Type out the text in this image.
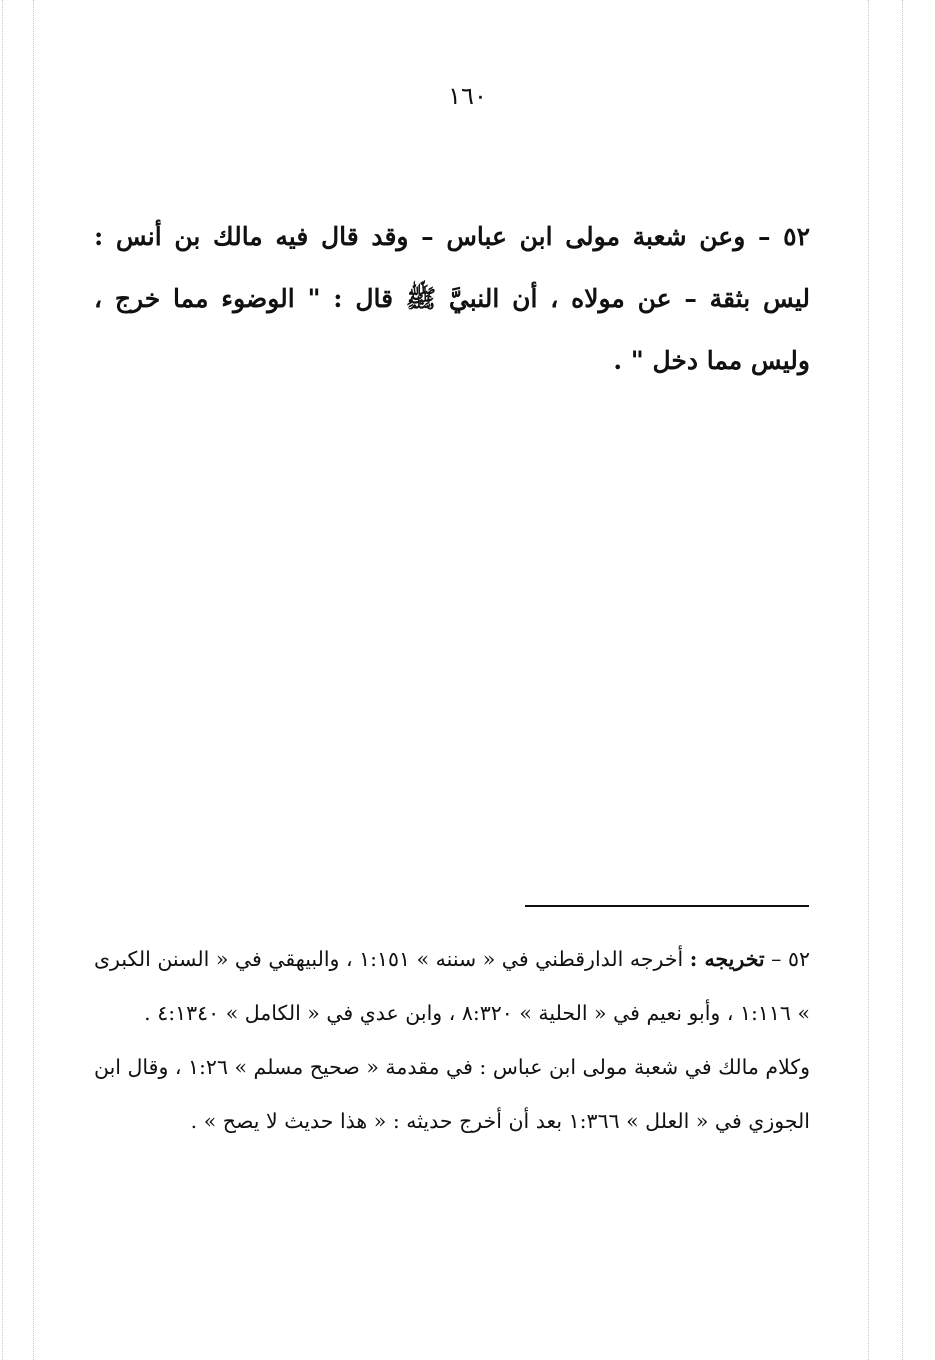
١٦٠
٥٢ – وعن شعبة مولى ابن عباس – وقد قال فيه مالك بن أنس : ليس بثقة – عن مولاه ، أن النبيَّ ﷺ قال : " الوضوء مما خرج ، وليس مما دخل " .

٥٢ – تخريجه : أخرجه الدارقطني في « سننه » ١:١٥١ ، والبيهقي في « السنن الكبرى » ١:١١٦ ، وأبو نعيم في « الحلية » ٨:٣٢٠ ، وابن عدي في « الكامل » ٤:١٣٤٠ .

وكلام مالك في شعبة مولى ابن عباس : في مقدمة « صحيح مسلم » ١:٢٦ ، وقال ابن الجوزي في « العلل » ١:٣٦٦ بعد أن أخرج حديثه : « هذا حديث لا يصح » .
